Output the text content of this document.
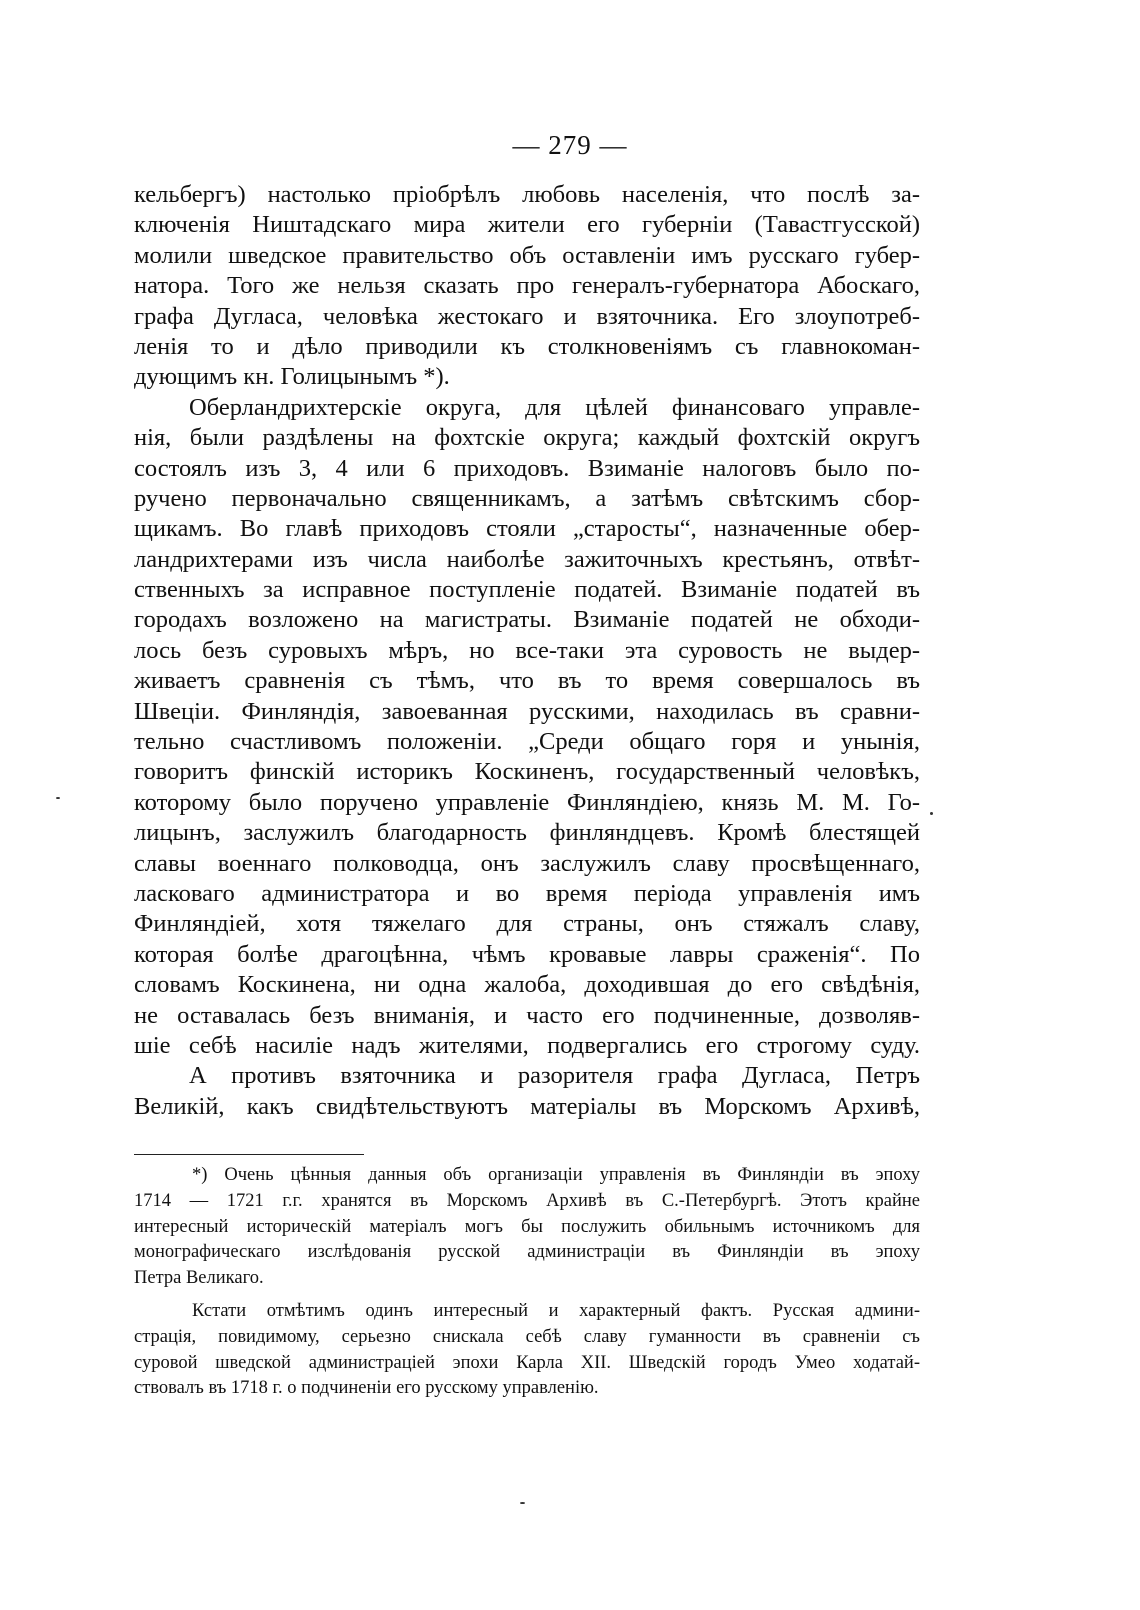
— 279 —
кельбергъ) настолько пріобрѣлъ любовь населенія, что послѣ за-
ключенія Ништадскаго мира жители его губерніи (Тавастгусской)
молили шведское правительство объ оставленіи имъ русскаго губер-
натора. Того же нельзя сказать про генералъ-губернатора Абоскаго,
графа Дугласа, человѣка жестокаго и взяточника. Его злоупотреб-
ленія то и дѣло приводили къ столкновеніямъ съ главнокоман-
дующимъ кн. Голицынымъ *).
Оберландрихтерскіе округа, для цѣлей финансоваго управле-
нія, были раздѣлены на фохтскіе округа; каждый фохтскій округъ
состоялъ изъ 3, 4 или 6 приходовъ. Взиманіе налоговъ было по-
ручено первоначально священникамъ, а затѣмъ свѣтскимъ сбор-
щикамъ. Во главѣ приходовъ стояли „старосты“, назначенные обер-
ландрихтерами изъ числа наиболѣе зажиточныхъ крестьянъ, отвѣт-
ственныхъ за исправное поступленіе податей. Взиманіе податей въ
городахъ возложено на магистраты. Взиманіе податей не обходи-
лось безъ суровыхъ мѣръ, но все-таки эта суровость не выдер-
живаетъ сравненія съ тѣмъ, что въ то время совершалось въ
Швеціи. Финляндія, завоеванная русскими, находилась въ сравни-
тельно счастливомъ положеніи. „Среди общаго горя и унынія,
говоритъ финскій историкъ Коскиненъ, государственный человѣкъ,
которому было поручено управленіе Финляндіею, князь М. М. Го-
лицынъ, заслужилъ благодарность финляндцевъ. Кромѣ блестящей
славы военнаго полководца, онъ заслужилъ славу просвѣщеннаго,
ласковаго администратора и во время періода управленія имъ
Финляндіей, хотя тяжелаго для страны, онъ стяжалъ славу,
которая болѣе драгоцѣнна, чѣмъ кровавые лавры сраженія“. По
словамъ Коскинена, ни одна жалоба, доходившая до его свѣдѣнія,
не оставалась безъ вниманія, и часто его подчиненные, дозволяв-
шіе себѣ насиліе надъ жителями, подвергались его строгому суду.
А противъ взяточника и разорителя графа Дугласа, Петръ
Великій, какъ свидѣтельствуютъ матеріалы въ Морскомъ Архивѣ,
*) Очень цѣнныя данныя объ организаціи управленія въ Финляндіи въ эпоху
1714 — 1721 г.г. хранятся въ Морскомъ Архивѣ въ С.-Петербургѣ. Этотъ крайне
интересный историческій матеріалъ могъ бы послужить обильнымъ источникомъ для
монографическаго изслѣдованія русской администраціи въ Финляндіи въ эпоху
Петра Великаго.
Кстати отмѣтимъ одинъ интересный и характерный фактъ. Русская админи-
страція, повидимому, серьезно снискала себѣ славу гуманности въ сравненіи съ
суровой шведской администраціей эпохи Карла XII. Шведскій городъ Умео ходатай-
ствовалъ въ 1718 г. о подчиненіи его русскому управленію.
